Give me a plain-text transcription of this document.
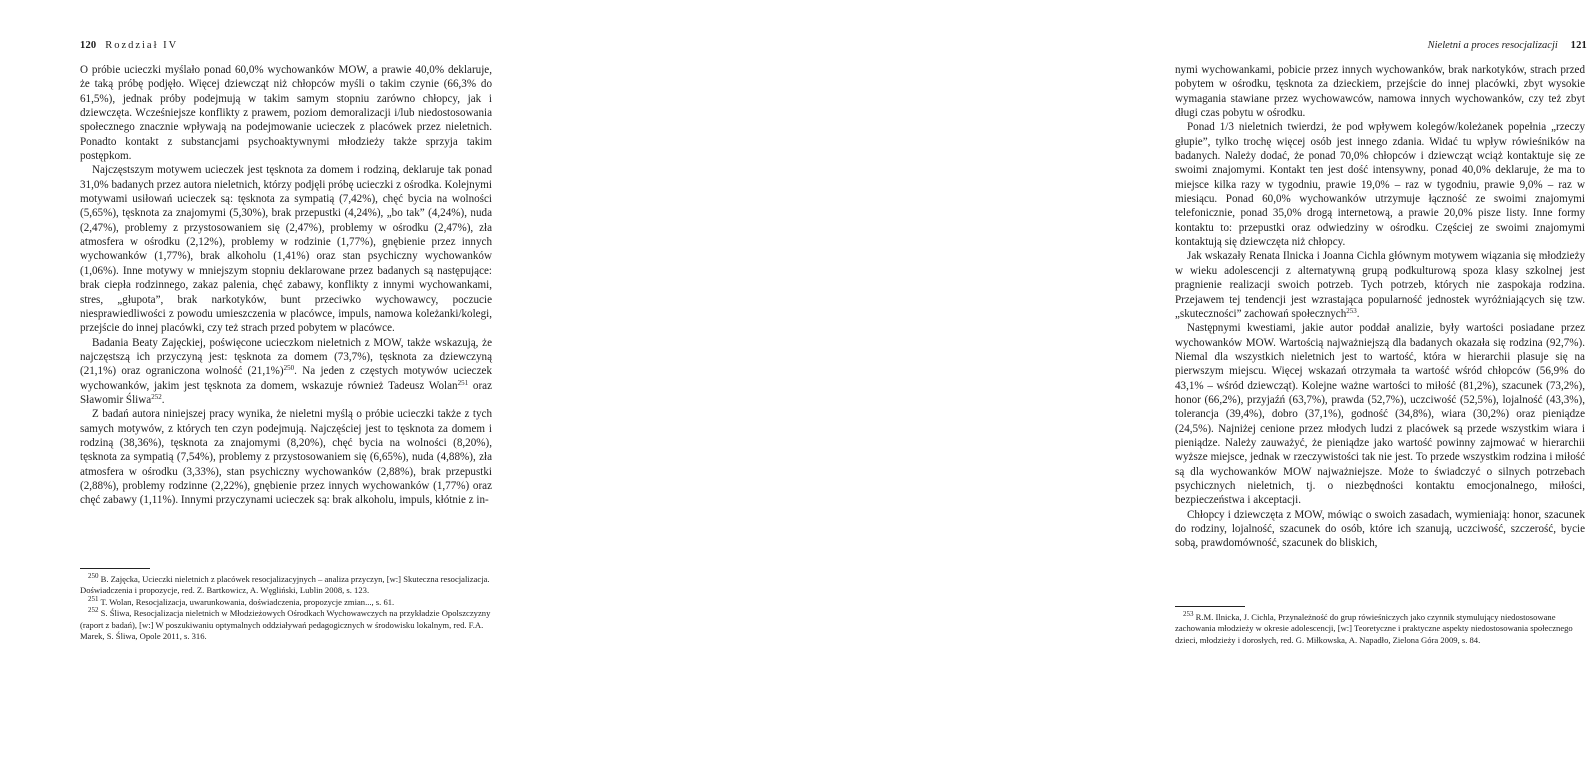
120 Rozdział IV

O próbie ucieczki myślało ponad 60,0% wychowanków MOW, a prawie 40,0% deklaruje, że taką próbę podjęło. Więcej dziewcząt niż chłopców myśli o takim czynie (66,3% do 61,5%), jednak próby podejmują w takim samym stopniu zarówno chłopcy, jak i dziewczęta. Wcześniejsze konflikty z prawem, poziom demoralizacji i/lub niedostosowania społecznego znacznie wpływają na podejmowanie ucieczek z placówek przez nieletnich. Ponadto kontakt z substancjami psychoaktywnymi młodzieży także sprzyja takim postępkom.

Najczęstszym motywem ucieczek jest tęsknota za domem i rodziną, deklaruje tak ponad 31,0% badanych przez autora nieletnich, którzy podjęli próbę ucieczki z ośrodka. Kolejnymi motywami usiłowań ucieczek są: tęsknota za sympatią (7,42%), chęć bycia na wolności (5,65%), tęsknota za znajomymi (5,30%), brak przepustki (4,24%), „bo tak” (4,24%), nuda (2,47%), problemy z przystosowaniem się (2,47%), problemy w ośrodku (2,47%), zła atmosfera w ośrodku (2,12%), problemy w rodzinie (1,77%), gnębienie przez innych wychowanków (1,77%), brak alkoholu (1,41%) oraz stan psychiczny wychowanków (1,06%). Inne motywy w mniejszym stopniu deklarowane przez badanych są następujące: brak ciepła rodzinnego, zakaz palenia, chęć zabawy, konflikty z innymi wychowankami, stres, „głupota”, brak narkotyków, bunt przeciwko wychowawcy, poczucie niesprawiedliwości z powodu umieszczenia w placówce, impuls, namowa koleżanki/kolegi, przejście do innej placówki, czy też strach przed pobytem w placówce.

Badania Beaty Zajęckiej, poświęcone ucieczkom nieletnich z MOW, także wskazują, że najczęstszą ich przyczyną jest: tęsknota za domem (73,7%), tęsknota za dziewczyną (21,1%) oraz ograniczona wolność $(21,1\%)^{250}$. Na jeden z częstych motywów ucieczek wychowanków, jakim jest tęsknota za domem, wskazuje również Tadeusz Wolan$^{251}$ oraz Sławomir Śliwa$^{252}$.

Z badań autora niniejszej pracy wynika, że nieletni myślą o próbie ucieczki także z tych samych motywów, z których ten czyn podejmują. Najczęściej jest to tęsknota za domem i rodziną (38,36%), tęsknota za znajomymi (8,20%), chęć bycia na wolności (8,20%), tęsknota za sympatią (7,54%), problemy z przystosowaniem się (6,65%), nuda (4,88%), zła atmosfera w ośrodku (3,33%), stan psychiczny wychowanków (2,88%), brak przepustki (2,88%), problemy rodzinne (2,22%), gnębienie przez innych wychowanków (1,77%) oraz chęć zabawy (1,11%). Innymi przyczynami ucieczek są: brak alkoholu, impuls, kłótnie z in-

$^{250}$ B. Zajęcka, Ucieczki nieletnich z placówek resocjalizacyjnych – analiza przyczyn, [w:] Skuteczna resocjalizacja. Doświadczenia i propozycje, red. Z. Bartkowicz, A. Węgliński, Lublin 2008, s. 123.

$^{251}$ T. Wolan, Resocjalizacja, uwarunkowania, doświadczenia, propozycje zmian..., s. 61.

$^{252}$ S. Śliwa, Resocjalizacja nieletnich w Młodzieżowych Ośrodkach Wychowawczych na przykładzie Opolszczyzny (raport z badań), [w:] W poszukiwaniu optymalnych oddziaływań pedagogicznych w środowisku lokalnym, red. F.A. Marek, S. Śliwa, Opole 2011, s. 316.

Nieletni a proces resocjalizacji 121

nymi wychowankami, pobicie przez innych wychowanków, brak narkotyków, strach przed pobytem w ośrodku, tęsknota za dzieckiem, przejście do innej placówki, zbyt wysokie wymagania stawiane przez wychowawców, namowa innych wychowanków, czy też zbyt długi czas pobytu w ośrodku.

Ponad 1/3 nieletnich twierdzi, że pod wpływem kolegów/koleżanek popełnia „rzeczy głupie”, tylko trochę więcej osób jest innego zdania. Widać tu wpływ rówieśników na badanych. Należy dodać, że ponad 70,0% chłopców i dziewcząt wciąż kontaktuje się ze swoimi znajomymi. Kontakt ten jest dość intensywny, ponad 40,0% deklaruje, że ma to miejsce kilka razy w tygodniu, prawie 19,0% – raz w tygodniu, prawie 9,0% – raz w miesiącu. Ponad 60,0% wychowanków utrzymuje łączność ze swoimi znajomymi telefonicznie, ponad 35,0% drogą internetową, a prawie 20,0% pisze listy. Inne formy kontaktu to: przepustki oraz odwiedziny w ośrodku. Częściej ze swoimi znajomymi kontaktują się dziewczęta niż chłopcy.

Jak wskazały Renata Ilnicka i Joanna Cichla głównym motywem wiązania się młodzieży w wieku adolescencji z alternatywną grupą podkulturową spoza klasy szkolnej jest pragnienie realizacji swoich potrzeb. Tych potrzeb, których nie zaspokaja rodzina. Przejawem tej tendencji jest wzrastająca popularność jednostek wyróżniających się tzw. „skuteczności” zachowań społecznych$^{253}$.

Następnymi kwestiami, jakie autor poddał analizie, były wartości posiadane przez wychowanków MOW. Wartością najważniejszą dla badanych okazała się rodzina (92,7%). Niemal dla wszystkich nieletnich jest to wartość, która w hierarchii plasuje się na pierwszym miejscu. Więcej wskazań otrzymała ta wartość wśród chłopców (56,9% do 43,1% – wśród dziewcząt). Kolejne ważne wartości to miłość (81,2%), szacunek (73,2%), honor (66,2%), przyjaźń (63,7%), prawda (52,7%), uczciwość (52,5%), lojalność (43,3%), tolerancja (39,4%), dobro (37,1%), godność (34,8%), wiara (30,2%) oraz pieniądze (24,5%). Najniżej cenione przez młodych ludzi z placówek są przede wszystkim wiara i pieniądze. Należy zauważyć, że pieniądze jako wartość powinny zajmować w hierarchii wyższe miejsce, jednak w rzeczywistości tak nie jest. To przede wszystkim rodzina i miłość są dla wychowanków MOW najważniejsze. Może to świadczyć o silnych potrzebach psychicznych nieletnich, tj. o niezbędności kontaktu emocjonalnego, miłości, bezpieczeństwa i akceptacji.

Chłopcy i dziewczęta z MOW, mówiąc o swoich zasadach, wymieniają: honor, szacunek do rodziny, lojalność, szacunek do osób, które ich szanują, uczciwość, szczerość, bycie sobą, prawdomówność, szacunek do bliskich,

$^{253}$ R.M. Ilnicka, J. Cichla, Przynależność do grup rówieśniczych jako czynnik stymulujący niedostosowane zachowania młodzieży w okresie adolescencji, [w:] Teoretyczne i praktyczne aspekty niedostosowania społecznego dzieci, młodzieży i dorosłych, red. G. Miłkowska, A. Napadło, Zielona Góra 2009, s. 84.
